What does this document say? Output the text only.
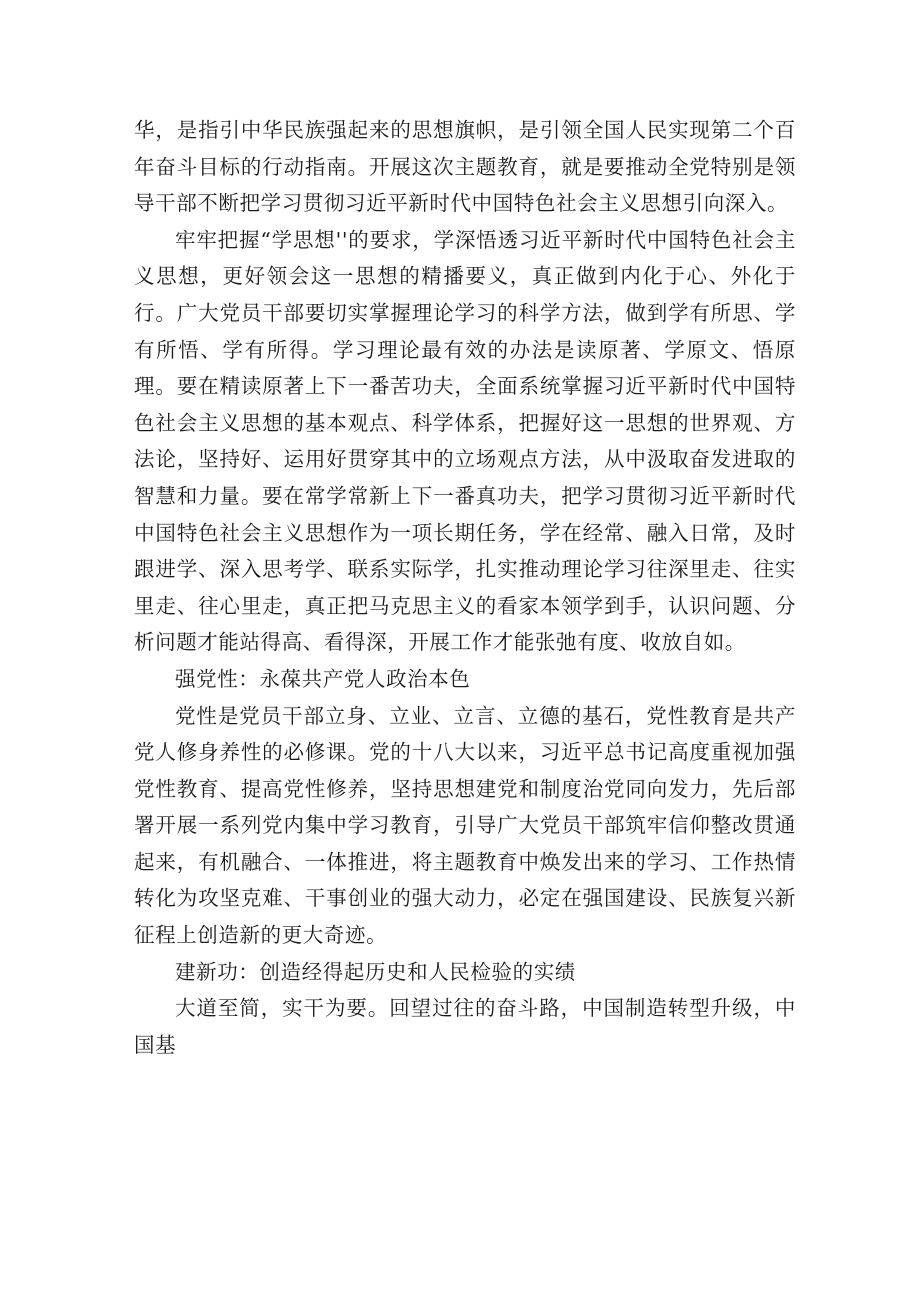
华，是指引中华民族强起来的思想旗帜，是引领全国人民实现第二个百年奋斗目标的行动指南。开展这次主题教育，就是要推动全党特别是领导干部不断把学习贯彻习近平新时代中国特色社会主义思想引向深入。

牢牢把握“学思想''的要求，学深悟透习近平新时代中国特色社会主义思想，更好领会这一思想的精播要义，真正做到内化于心、外化于行。广大党员干部要切实掌握理论学习的科学方法，做到学有所思、学有所悟、学有所得。学习理论最有效的办法是读原著、学原文、悟原理。要在精读原著上下一番苦功夫，全面系统掌握习近平新时代中国特色社会主义思想的基本观点、科学体系，把握好这一思想的世界观、方法论，坚持好、运用好贯穿其中的立场观点方法，从中汲取奋发进取的智慧和力量。要在常学常新上下一番真功夫，把学习贯彻习近平新时代中国特色社会主义思想作为一项长期任务，学在经常、融入日常，及时跟进学、深入思考学、联系实际学，扎实推动理论学习往深里走、往实里走、往心里走，真正把马克思主义的看家本领学到手，认识问题、分析问题才能站得高、看得深，开展工作才能张弛有度、收放自如。

强党性：永葆共产党人政治本色

党性是党员干部立身、立业、立言、立德的基石，党性教育是共产党人修身养性的必修课。党的十八大以来，习近平总书记高度重视加强党性教育、提高党性修养，坚持思想建党和制度治党同向发力，先后部署开展一系列党内集中学习教育，引导广大党员干部筑牢信仰整改贯通起来，有机融合、一体推进，将主题教育中焕发出来的学习、工作热情转化为攻坚克难、干事创业的强大动力，必定在强国建设、民族复兴新征程上创造新的更大奇迹。

建新功：创造经得起历史和人民检验的实绩

大道至简，实干为要。回望过往的奋斗路，中国制造转型升级，中国基
